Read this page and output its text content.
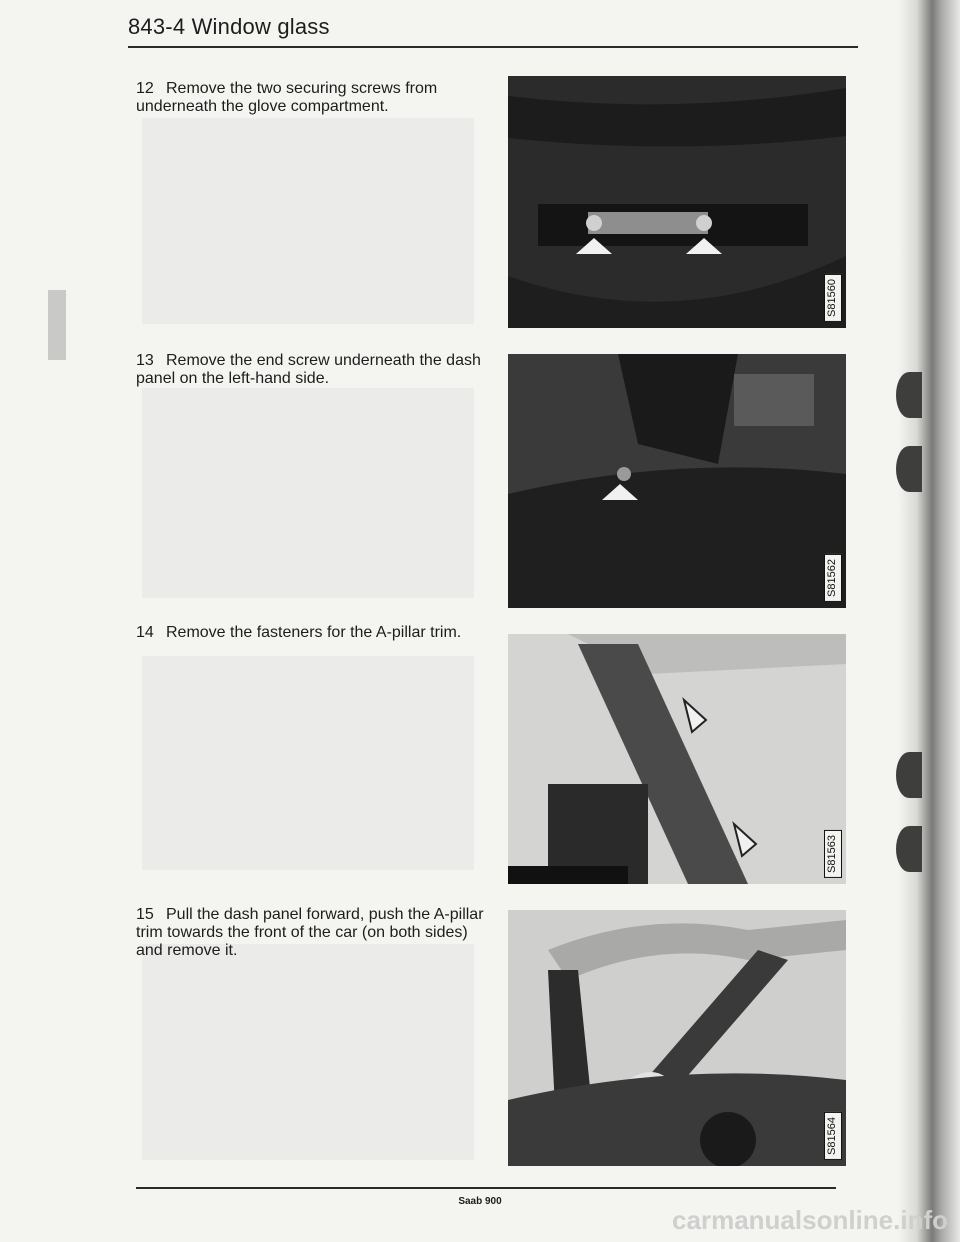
843-4 Window glass
12 Remove the two securing screws from underneath the glove compartment.
S81560
13 Remove the end screw underneath the dash panel on the left-hand side.
S81562
14 Remove the fasteners for the A-pillar trim.
S81563
15 Pull the dash panel forward, push the A-pillar trim towards the front of the car (on both sides) and remove it.
S81564
Saab 900
carmanualsonline.info
